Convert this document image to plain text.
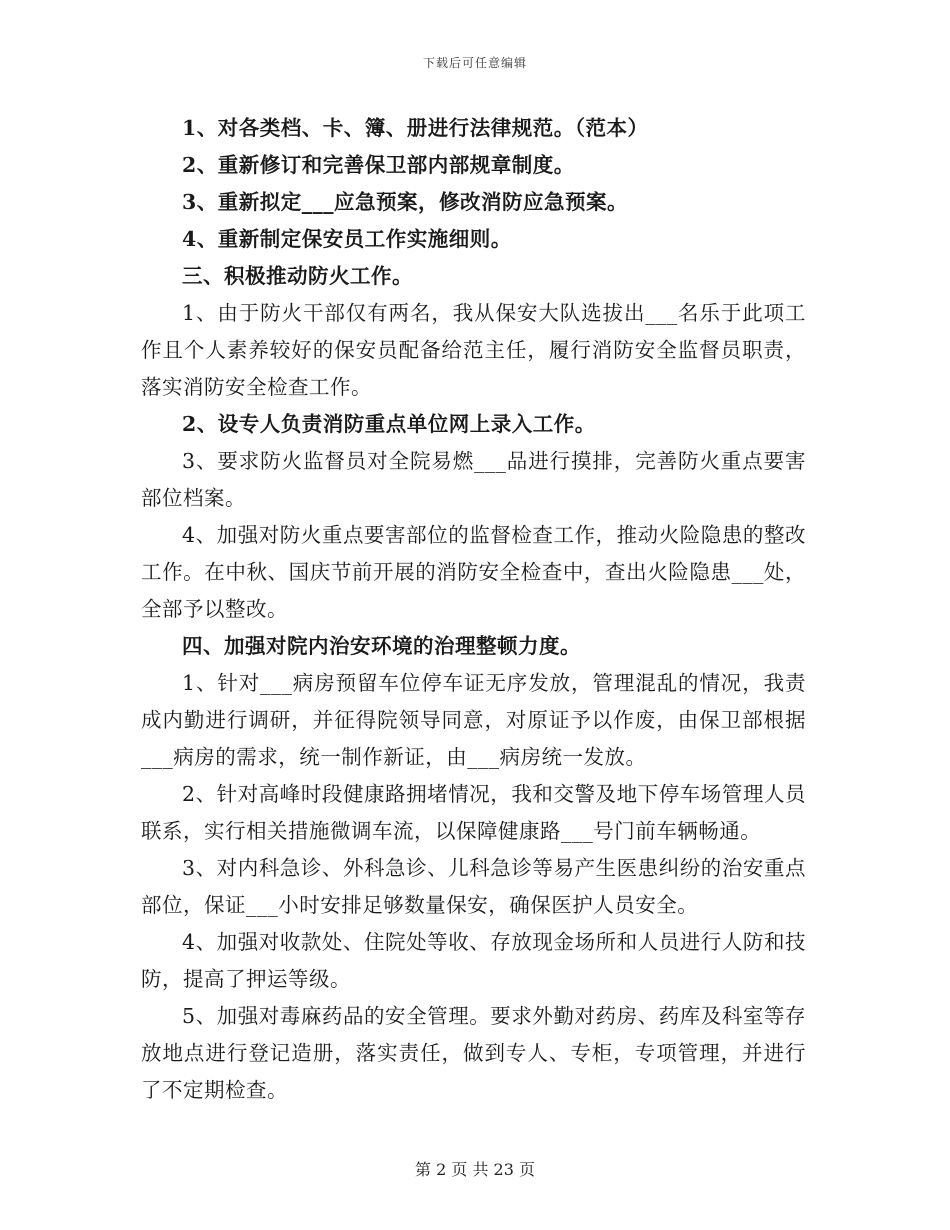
下载后可任意编辑

1、对各类档、卡、簿、册进行法律规范。（范本）

2、重新修订和完善保卫部内部规章制度。

3、重新拟定___应急预案，修改消防应急预案。

4、重新制定保安员工作实施细则。

三、积极推动防火工作。

1、由于防火干部仅有两名，我从保安大队选拔出___名乐于此项工作且个人素养较好的保安员配备给范主任，履行消防安全监督员职责，落实消防安全检查工作。

2、设专人负责消防重点单位网上录入工作。

3、要求防火监督员对全院易燃___品进行摸排，完善防火重点要害部位档案。

4、加强对防火重点要害部位的监督检查工作，推动火险隐患的整改工作。在中秋、国庆节前开展的消防安全检查中，查出火险隐患___处，全部予以整改。

四、加强对院内治安环境的治理整顿力度。

1、针对___病房预留车位停车证无序发放，管理混乱的情况，我责成内勤进行调研，并征得院领导同意，对原证予以作废，由保卫部根据___病房的需求，统一制作新证，由___病房统一发放。

2、针对高峰时段健康路拥堵情况，我和交警及地下停车场管理人员联系，实行相关措施微调车流，以保障健康路___号门前车辆畅通。

3、对内科急诊、外科急诊、儿科急诊等易产生医患纠纷的治安重点部位，保证___小时安排足够数量保安，确保医护人员安全。

4、加强对收款处、住院处等收、存放现金场所和人员进行人防和技防，提高了押运等级。

5、加强对毒麻药品的安全管理。要求外勤对药房、药库及科室等存放地点进行登记造册，落实责任，做到专人、专柜，专项管理，并进行了不定期检查。

第 2 页 共 23 页
